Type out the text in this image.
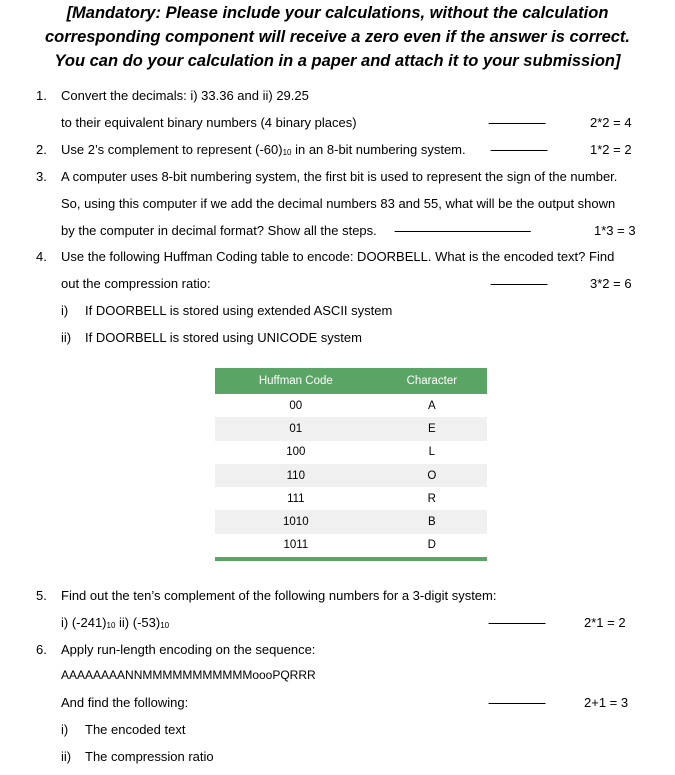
[Mandatory: Please include your calculations, without the calculation
corresponding component will receive a zero even if the answer is correct.
You can do your calculation in a paper and attach it to your submission]
1. Convert the decimals: i) 33.36 and ii) 29.25
to their equivalent binary numbers (4 binary places)	--------------------	2*2 = 4
2. Use 2’s complement to represent $(-60)_{10}$ in an 8-bit numbering system. --------------------	1*2 = 2
3. A computer uses 8-bit numbering system, the first bit is used to represent the sign of the number.
So, using this computer if we add the decimal numbers 83 and 55, what will be the output shown
by the computer in decimal format? Show all the steps. ------------------------------------------------	1*3 = 3
4. Use the following Huffman Coding table to encode: DOORBELL. What is the encoded text? Find
out the compression ratio:	--------------------	3*2 = 6
i) If DOORBELL is stored using extended ASCII system
ii) If DOORBELL is stored using UNICODE system
Huffman Code	Character
00	A
01	E
100	L
110	O
111	R
1010	B
1011	D
5. Find out the ten’s complement of the following numbers for a 3-digit system:
i) $(-241)_{10}$ ii) $(-53)_{10}$	--------------------	2*1 = 2
6. Apply run-length encoding on the sequence:
AAAAAAAANNMMMMMMMMMMMoooPQRRR
And find the following:	--------------------	2+1 = 3
i) The encoded text
ii) The compression ratio
